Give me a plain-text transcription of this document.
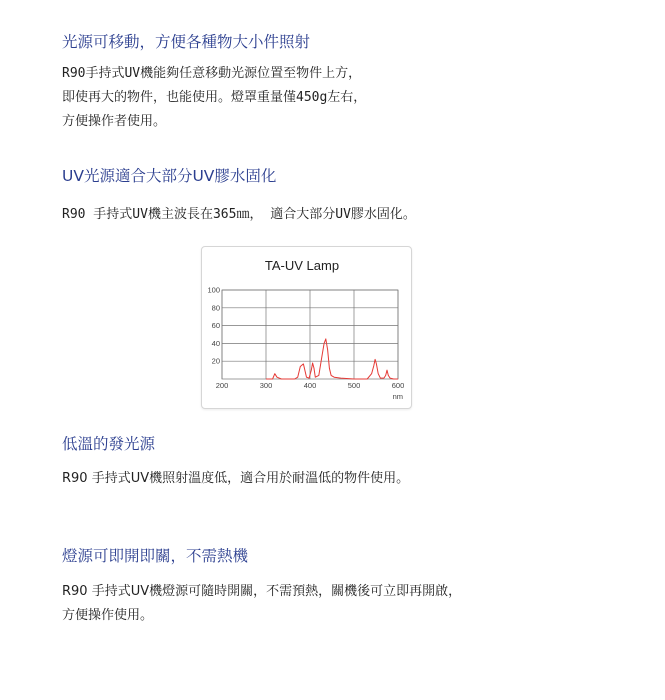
光源可移動，方便各種物大小件照射

R90手持式UV機能夠任意移動光源位置至物件上方，
即使再大的物件，也能使用。燈罩重量僅450g左右，
方便操作者使用。

UV光源適合大部分UV膠水固化

R90 手持式UV機主波長在365㎚， 適合大部分UV膠水固化。

TA-UV Lamp
200	300	400	500	600
20
40
60
80
100
nm
低溫的發光源

R90 手持式UV機照射溫度低，適合用於耐溫低的物件使用。

燈源可即開即關，不需熱機

R90 手持式UV機燈源可隨時開關，不需預熱，關機後可立即再開啟，
方便操作使用。
